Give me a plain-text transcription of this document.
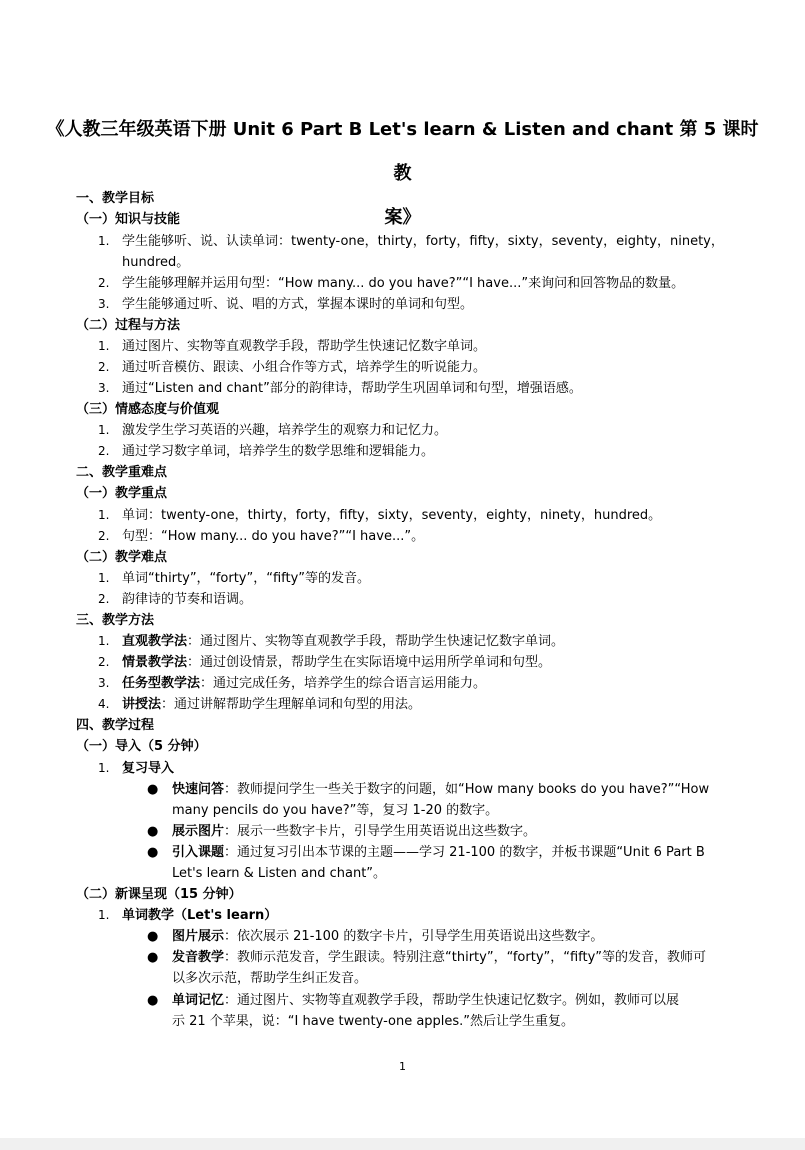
《人教三年级英语下册 Unit 6 Part B Let's learn & Listen and chant 第 5 课时教
案》
一、教学目标
（一）知识与技能
1. 学生能够听、说、认读单词：twenty-one，thirty，forty，fifty，sixty，seventy，eighty，ninety，
hundred。
2. 学生能够理解并运用句型：“How many... do you have?”“I have...”来询问和回答物品的数量。
3. 学生能够通过听、说、唱的方式，掌握本课时的单词和句型。
（二）过程与方法
1. 通过图片、实物等直观教学手段，帮助学生快速记忆数字单词。
2. 通过听音模仿、跟读、小组合作等方式，培养学生的听说能力。
3. 通过“Listen and chant”部分的韵律诗，帮助学生巩固单词和句型，增强语感。
（三）情感态度与价值观
1. 激发学生学习英语的兴趣，培养学生的观察力和记忆力。
2. 通过学习数字单词，培养学生的数学思维和逻辑能力。
二、教学重难点
（一）教学重点
1. 单词：twenty-one，thirty，forty，fifty，sixty，seventy，eighty，ninety，hundred。
2. 句型：“How many... do you have?”“I have...”。
（二）教学难点
1. 单词“thirty”，“forty”，“fifty”等的发音。
2. 韵律诗的节奏和语调。
三、教学方法
1. 直观教学法：通过图片、实物等直观教学手段，帮助学生快速记忆数字单词。
2. 情景教学法：通过创设情景，帮助学生在实际语境中运用所学单词和句型。
3. 任务型教学法：通过完成任务，培养学生的综合语言运用能力。
4. 讲授法：通过讲解帮助学生理解单词和句型的用法。
四、教学过程
（一）导入（5 分钟）
1. 复习导入
● 快速问答：教师提问学生一些关于数字的问题，如“How many books do you have?”“How
many pencils do you have?”等，复习 1-20 的数字。
● 展示图片：展示一些数字卡片，引导学生用英语说出这些数字。
● 引入课题：通过复习引出本节课的主题——学习 21-100 的数字，并板书课题“Unit 6 Part B
Let's learn & Listen and chant”。
（二）新课呈现（15 分钟）
1. 单词教学（Let's learn）
● 图片展示：依次展示 21-100 的数字卡片，引导学生用英语说出这些数字。
● 发音教学：教师示范发音，学生跟读。特别注意“thirty”，“forty”，“fifty”等的发音，教师可
以多次示范，帮助学生纠正发音。
● 单词记忆：通过图片、实物等直观教学手段，帮助学生快速记忆数字。例如，教师可以展
示 21 个苹果，说：“I have twenty-one apples.”然后让学生重复。
1
